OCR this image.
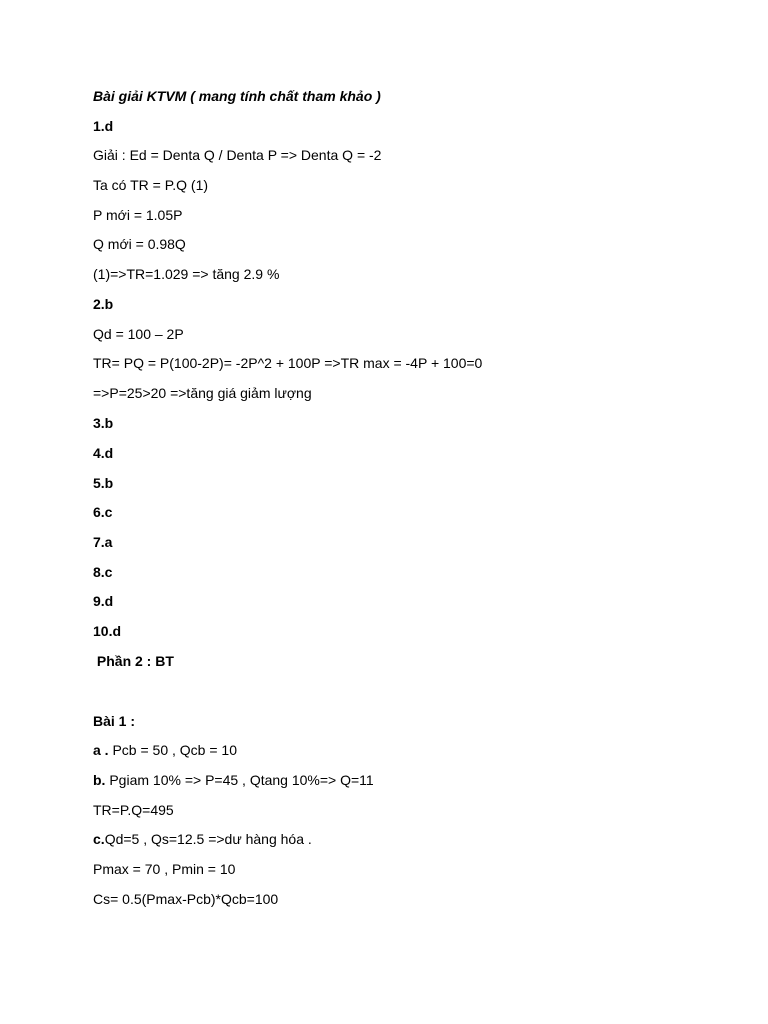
Bài giải KTVM ( mang tính chất tham khảo )
1.d
Giải : Ed = Denta Q / Denta P => Denta Q = -2
Ta có TR = P.Q (1)
P mới = 1.05P
Q mới = 0.98Q
(1)=>TR=1.029 => tăng 2.9 %
2.b
Qd = 100 – 2P
TR= PQ = P(100-2P)= -2P^2 + 100P =>TR max = -4P + 100=0
=>P=25>20 =>tăng giá giảm lượng
3.b
4.d
5.b
6.c
7.a
8.c
9.d
10.d
Phần 2 : BT
Bài 1 :
a . Pcb = 50 , Qcb = 10
b. Pgiam 10% => P=45 , Qtang 10%=> Q=11
TR=P.Q=495
c.Qd=5 , Qs=12.5 =>dư hàng hóa .
Pmax = 70 , Pmin = 10
Cs= 0.5(Pmax-Pcb)*Qcb=100
